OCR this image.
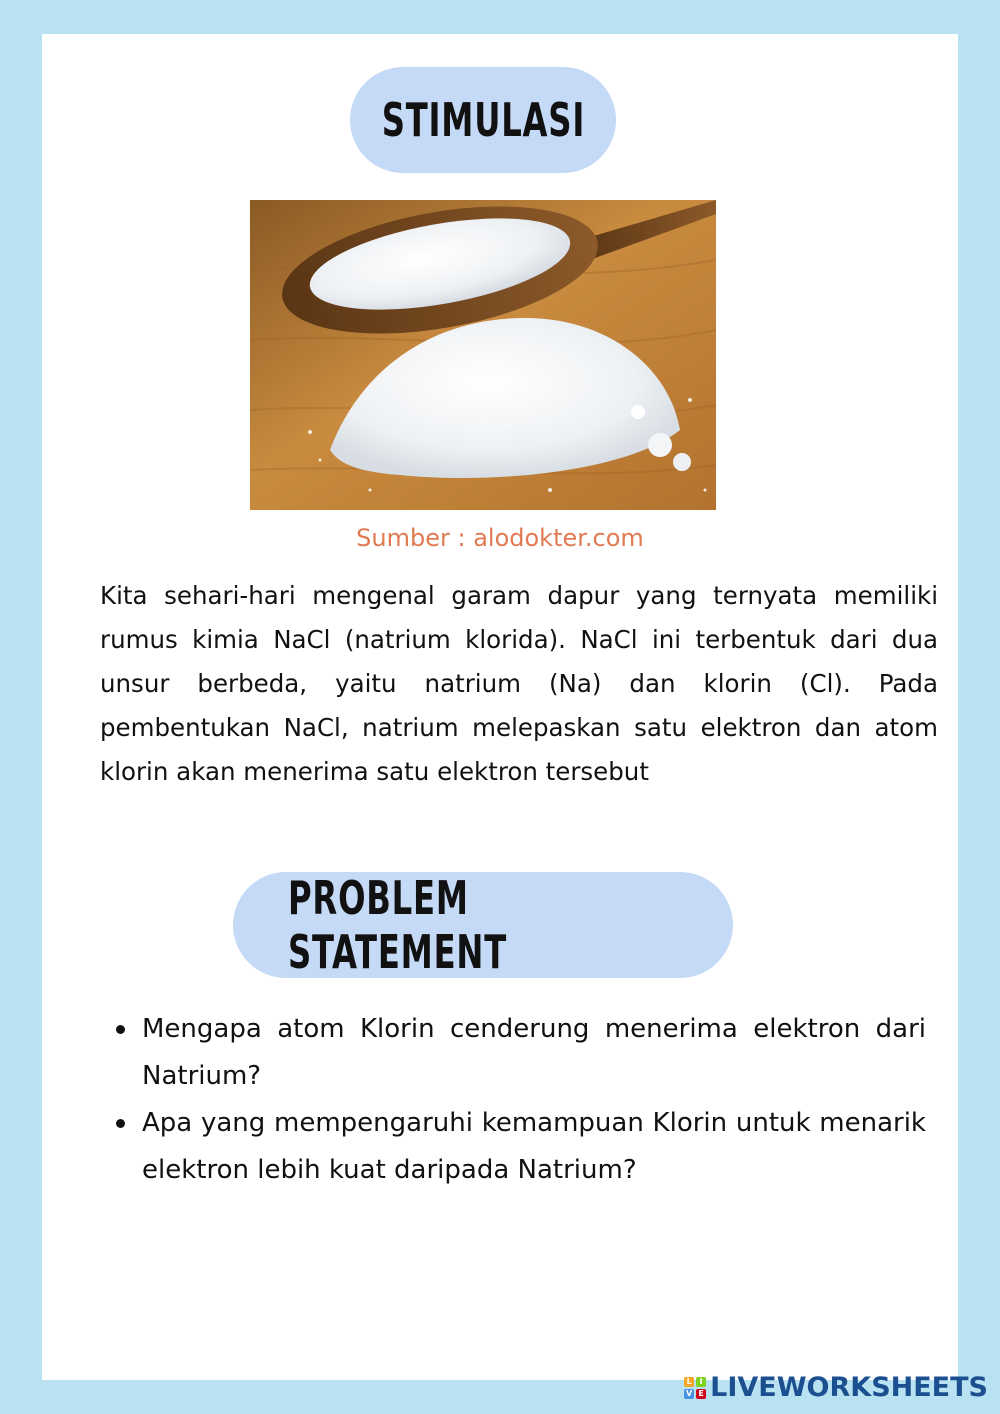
STIMULASI
Sumber : alodokter.com
Kita sehari-hari mengenal garam dapur yang ternyata memiliki rumus kimia NaCl (natrium klorida). NaCl ini terbentuk dari dua unsur berbeda, yaitu natrium (Na) dan klorin (Cl). Pada pembentukan NaCl, natrium melepaskan satu elektron dan atom klorin akan menerima satu elektron tersebut
PROBLEM STATEMENT
Mengapa atom Klorin cenderung menerima elektron dari Natrium?
Apa yang mempengaruhi kemampuan Klorin untuk menarik elektron lebih kuat daripada Natrium?
L I
V E LIVEWORKSHEETS
